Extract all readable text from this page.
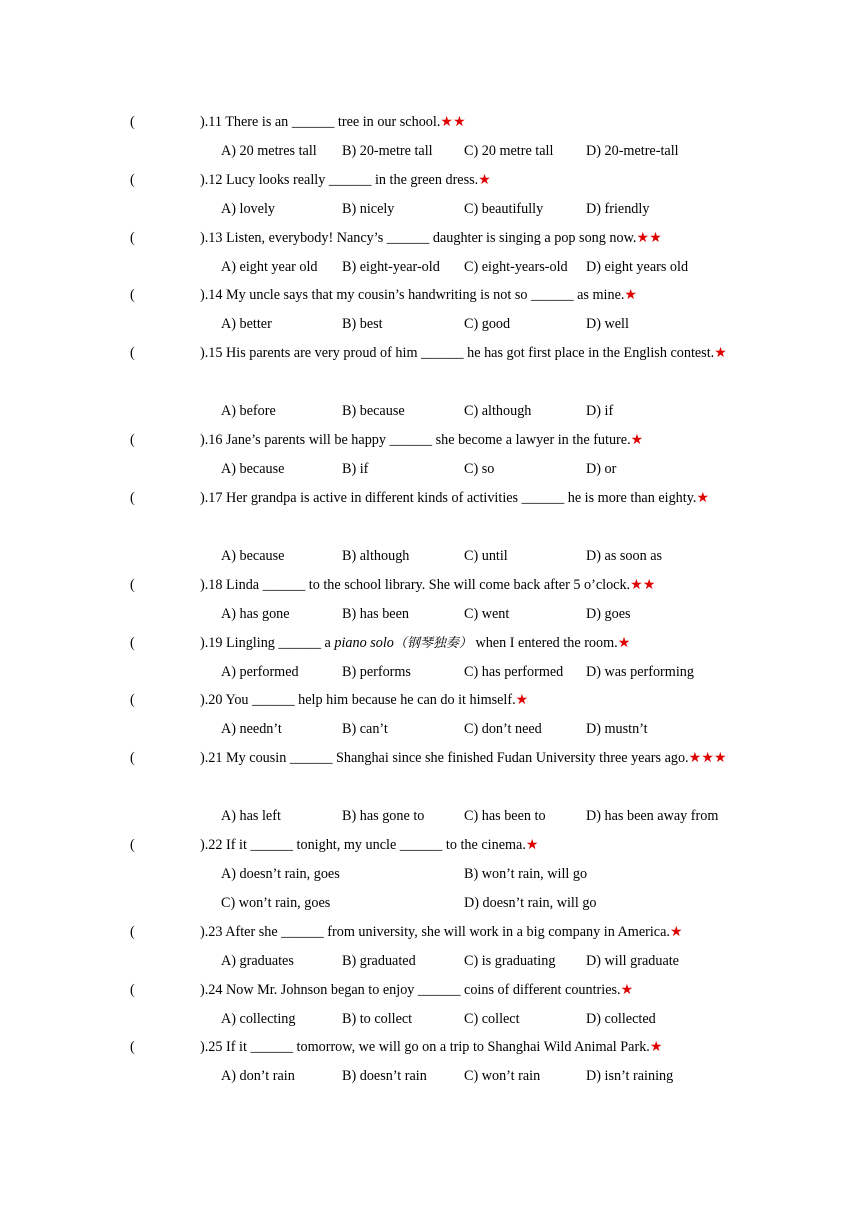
(	).11 There is an ______ tree in our school.★★
A) 20 metres tall B) 20-metre tall C) 20 metre tall D) 20-metre-tall
(	).12 Lucy looks really ______ in the green dress.★
A) lovely	B) nicely	C) beautifully	D) friendly
(	).13 Listen, everybody! Nancy’s ______ daughter is singing a pop song now.★★
A) eight year old B) eight-year-old C) eight-years-old D) eight years old
(	).14 My uncle says that my cousin’s handwriting is not so ______ as mine.★
A) better	B) best	C) good	D) well
(	).15 His parents are very proud of him ______ he has got first place in the English contest.★
A) before	B) because	C) although	D) if
(	).16 Jane’s parents will be happy ______ she become a lawyer in the future.★
A) because	B) if	C) so	D) or
(	).17 Her grandpa is active in different kinds of activities ______ he is more than eighty.★
A) because	B) although	C) until	D) as soon as
(	).18 Linda ______ to the school library. She will come back after 5 o’clock.★★
A) has gone	B) has been	C) went	D) goes
(	).19 Lingling ______ a piano solo（钢琴独奏） when I entered the room.★
A) performed	B) performs	C) has performed D) was performing
(	).20 You ______ help him because he can do it himself.★
A) needn’t	B) can’t	C) don’t need	D) mustn’t
(	).21 My cousin ______ Shanghai since she finished Fudan University three years ago.★★★
A) has left	B) has gone to	C) has been to	D) has been away from
(	).22 If it ______ tonight, my uncle ______ to the cinema.★
A) doesn’t rain, goes	B) won’t rain, will go
C) won’t rain, goes	D) doesn’t rain, will go
(	).23 After she ______ from university, she will work in a big company in America.★
A) graduates	B) graduated	C) is graduating D) will graduate
(	).24 Now Mr. Johnson began to enjoy ______ coins of different countries.★
A) collecting	B) to collect	C) collect	D) collected
(	).25 If it ______ tomorrow, we will go on a trip to Shanghai Wild Animal Park.★
A) don’t rain	B) doesn’t rain	C) won’t rain	D) isn’t raining
